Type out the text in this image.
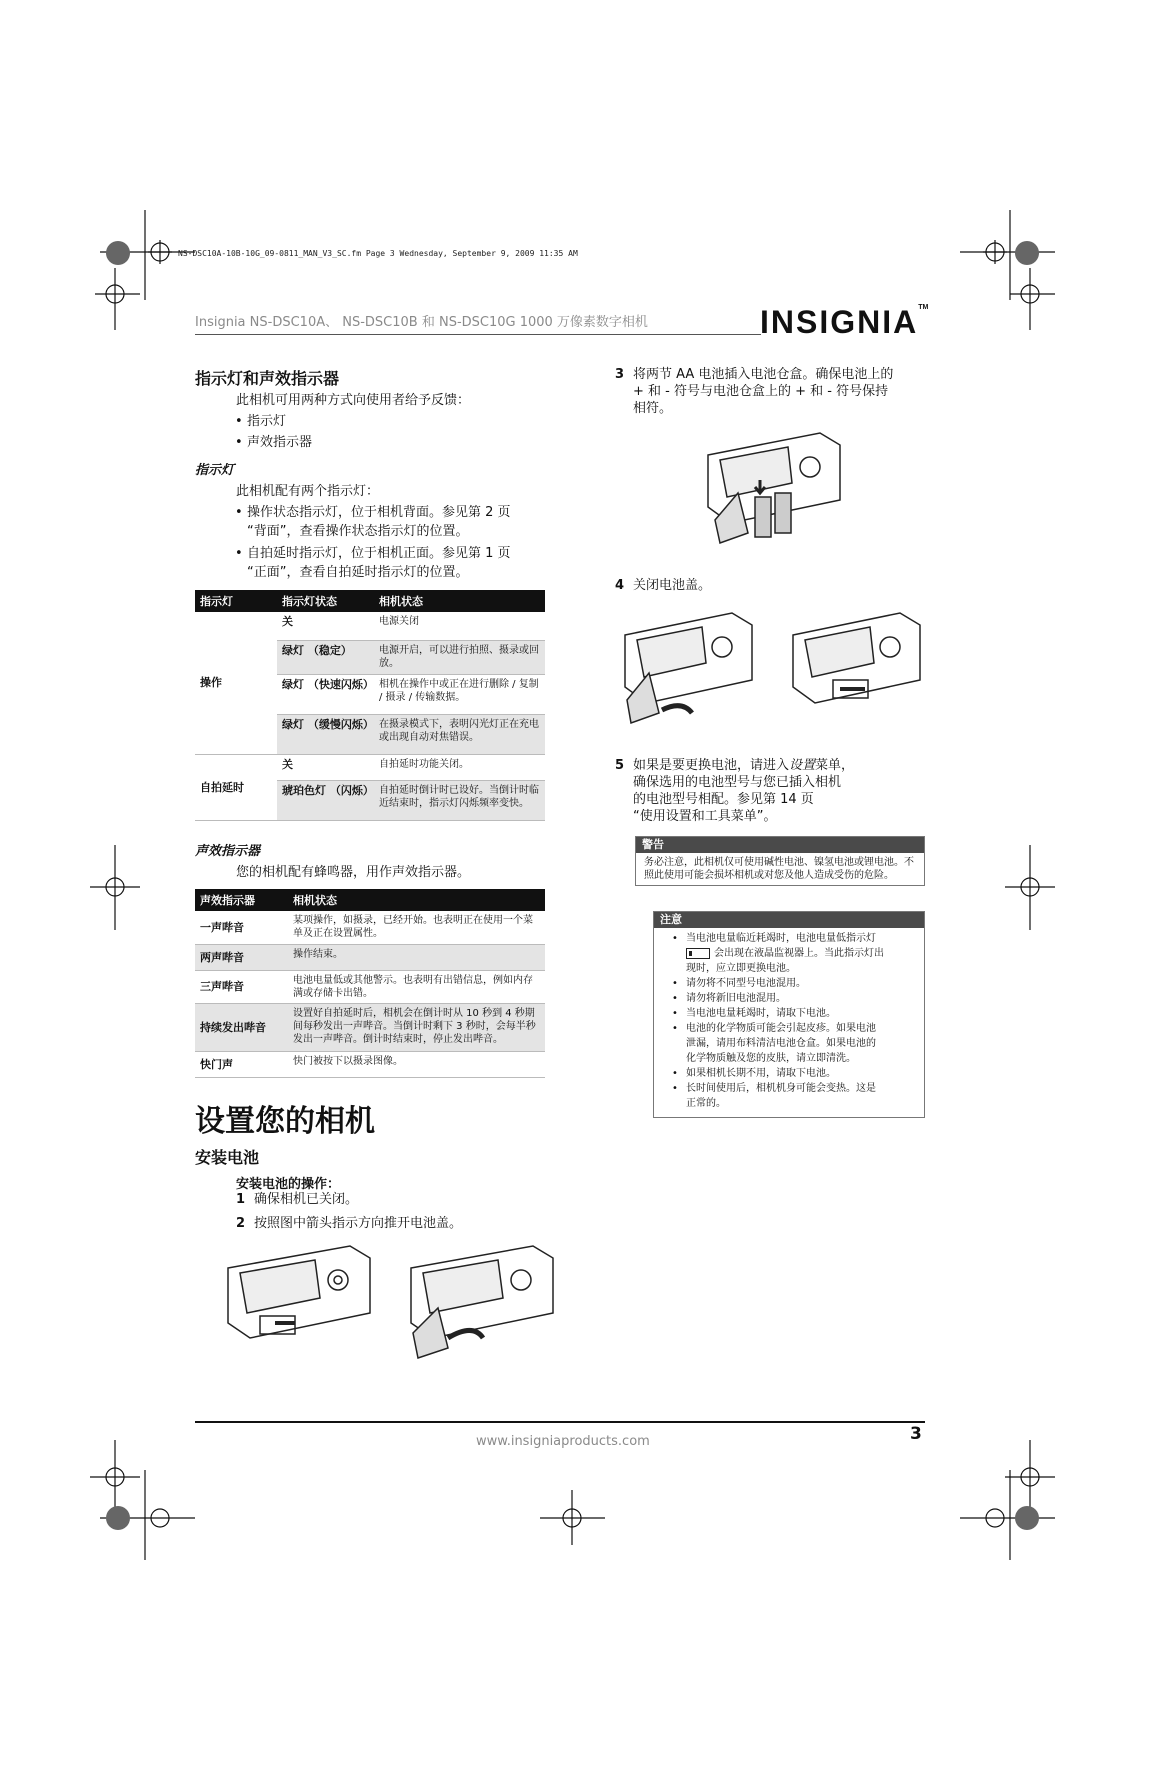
NS-DSC10A-10B-10G_09-0811_MAN_V3_SC.fm Page 3 Wednesday, September 9, 2009 11:35 AM
Insignia NS-DSC10A、 NS-DSC10B 和 NS-DSC10G 1000 万像素数字相机	INSIGNIA™
指示灯和声效指示器
此相机可用两种方式向使用者给予反馈：
• 指示灯
• 声效指示器
指示灯
此相机配有两个指示灯：
• 操作状态指示灯，位于相机背面。参见第 2 页
“背面”，查看操作状态指示灯的位置。
• 自拍延时指示灯，位于相机正面。参见第 1 页
“正面”，查看自拍延时指示灯的位置。
指示灯	指示灯状态	相机状态
操作	关	电源关闭
	绿灯 （稳定）	电源开启，可以进行拍照、摄录或回放。
	绿灯 （快速闪烁）	相机在操作中或正在进行删除 / 复制 / 摄录 / 传输数据。
	绿灯 （缓慢闪烁）	在摄录模式下，表明闪光灯正在充电或出现自动对焦错误。
自拍延时	关	自拍延时功能关闭。
	琥珀色灯 （闪烁）	自拍延时倒计时已设好。当倒计时临近结束时，指示灯闪烁频率变快。
声效指示器
您的相机配有蜂鸣器，用作声效指示器。
声效指示器	相机状态
一声哔音	某项操作，如摄录，已经开始。也表明正在使用一个菜单及正在设置属性。
两声哔音	操作结束。
三声哔音	电池电量低或其他警示。也表明有出错信息，例如内存满或存储卡出错。
持续发出哔音	设置好自拍延时后，相机会在倒计时从 10 秒到 4 秒期间每秒发出一声哔音。当倒计时剩下 3 秒时，会每半秒发出一声哔音。倒计时结束时，停止发出哔音。
快门声	快门被按下以摄录图像。
设置您的相机
安装电池
安装电池的操作：
1 确保相机已关闭。
2 按照图中箭头指示方向推开电池盖。
3 将两节 AA 电池插入电池仓盒。确保电池上的
+ 和 - 符号与电池仓盒上的 + 和 - 符号保持
相符。
4 关闭电池盖。
5 如果是要更换电池，请进入设置菜单，
确保选用的电池型号与您已插入相机
的电池型号相配。参见第 14 页
“使用设置和工具菜单”。
警告
务必注意，此相机仅可使用碱性电池、镍氢电池或锂电池。不照此使用可能会损坏相机或对您及他人造成受伤的危险。
注意
• 当电池电量临近耗竭时，电池电量低指示灯

会出现在液晶监视器上。当此指示灯出
现时，应立即更换电池。
• 请勿将不同型号电池混用。
• 请勿将新旧电池混用。
• 当电池电量耗竭时，请取下电池。
• 电池的化学物质可能会引起皮疹。如果电池
泄漏，请用布料清洁电池仓盒。如果电池的
化学物质触及您的皮肤，请立即清洗。
• 如果相机长期不用，请取下电池。
• 长时间使用后，相机机身可能会变热。这是
正常的。
www.insigniaproducts.com	3
